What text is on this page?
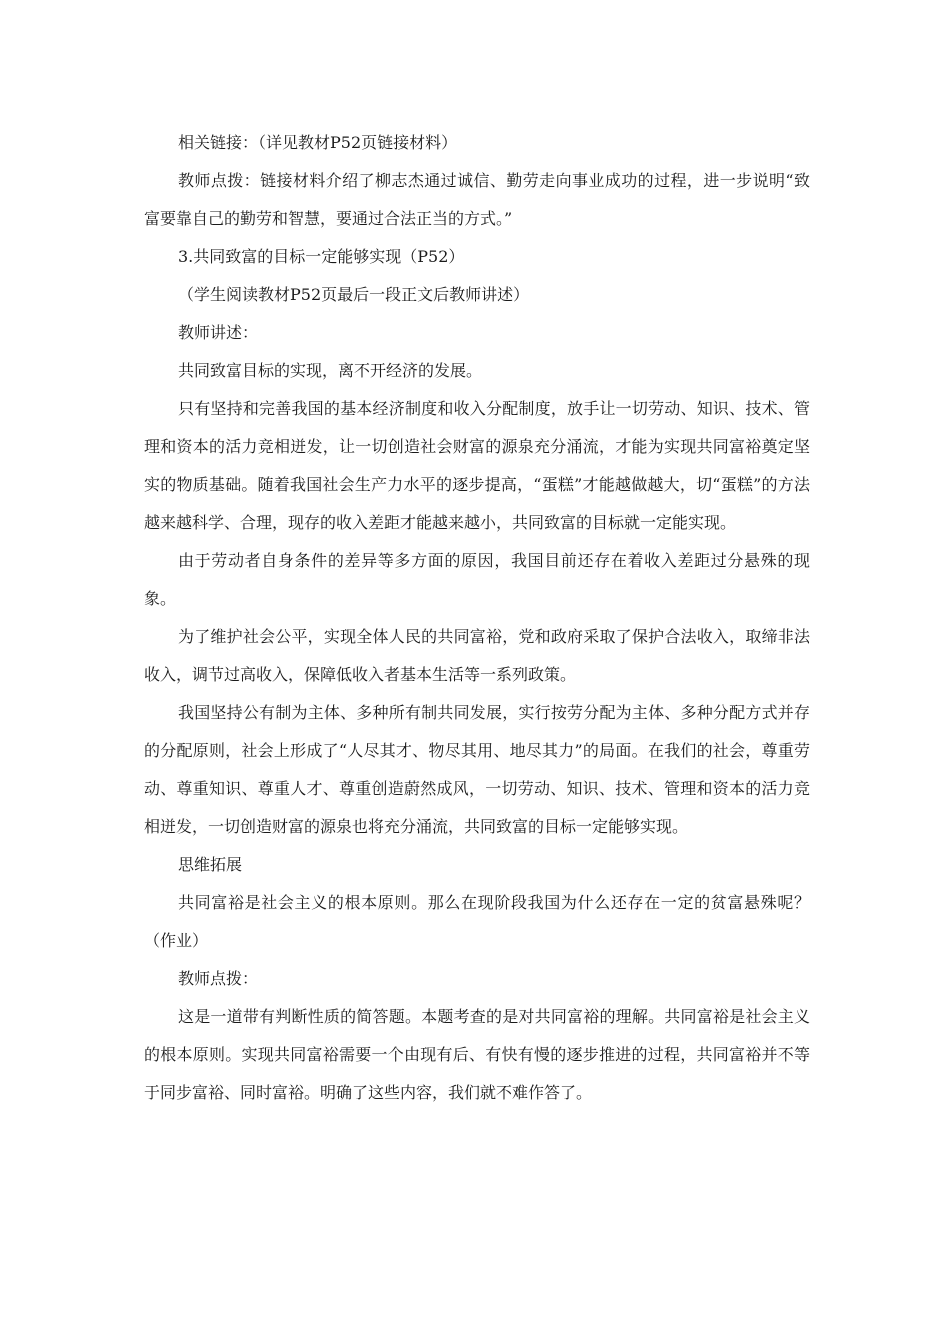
相关链接：（详见教材P52页链接材料）

教师点拨：链接材料介绍了柳志杰通过诚信、勤劳走向事业成功的过程，进一步说明“致富要靠自己的勤劳和智慧，要通过合法正当的方式。”

3.共同致富的目标一定能够实现（P52）

（学生阅读教材P52页最后一段正文后教师讲述）

教师讲述：

共同致富目标的实现，离不开经济的发展。

只有坚持和完善我国的基本经济制度和收入分配制度，放手让一切劳动、知识、技术、管理和资本的活力竞相迸发，让一切创造社会财富的源泉充分涌流，才能为实现共同富裕奠定坚实的物质基础。随着我国社会生产力水平的逐步提高，“蛋糕”才能越做越大，切“蛋糕”的方法越来越科学、合理，现存的收入差距才能越来越小，共同致富的目标就一定能实现。

由于劳动者自身条件的差异等多方面的原因，我国目前还存在着收入差距过分悬殊的现象。

为了维护社会公平，实现全体人民的共同富裕，党和政府采取了保护合法收入，取缔非法收入，调节过高收入，保障低收入者基本生活等一系列政策。

我国坚持公有制为主体、多种所有制共同发展，实行按劳分配为主体、多种分配方式并存的分配原则，社会上形成了“人尽其才、物尽其用、地尽其力”的局面。在我们的社会，尊重劳动、尊重知识、尊重人才、尊重创造蔚然成风，一切劳动、知识、技术、管理和资本的活力竞相迸发，一切创造财富的源泉也将充分涌流，共同致富的目标一定能够实现。

思维拓展

共同富裕是社会主义的根本原则。那么在现阶段我国为什么还存在一定的贫富悬殊呢？（作业）

教师点拨：

这是一道带有判断性质的简答题。本题考查的是对共同富裕的理解。共同富裕是社会主义的根本原则。实现共同富裕需要一个由现有后、有快有慢的逐步推进的过程，共同富裕并不等于同步富裕、同时富裕。明确了这些内容，我们就不难作答了。
